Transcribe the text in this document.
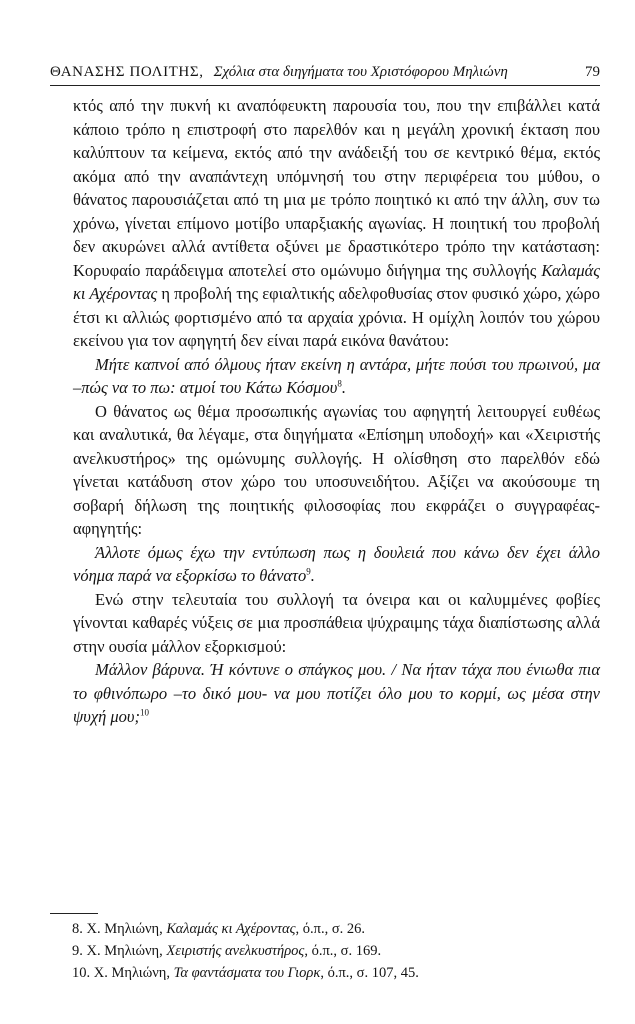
ΘΑΝΑΣΗΣ ΠΟΛΙΤΗΣ, Σχόλια στα διηγήματα του Χριστόφορου Μηλιώνη	79

κτός από την πυκνή κι αναπόφευκτη παρουσία του, που την επιβάλλει κατά κάποιο τρόπο η επιστροφή στο παρελθόν και η μεγάλη χρονική έκταση που καλύπτουν τα κείμενα, εκτός από την ανάδειξή του σε κεντρικό θέμα, εκτός ακόμα από την αναπάντεχη υπόμνησή του στην περιφέρεια του μύθου, ο θάνατος παρουσιάζεται από τη μια με τρόπο ποιητικό κι από την άλλη, συν τω χρόνω, γίνεται επίμονο μοτίβο υπαρξιακής αγωνίας. Η ποιητική του προβολή δεν ακυρώνει αλλά αντίθετα οξύνει με δραστικότερο τρόπο την κατάσταση: Κορυφαίο παράδειγμα αποτελεί στο ομώνυμο διήγημα της συλλογής Καλαμάς κι Αχέροντας η προβολή της εφιαλτικής αδελφοθυσίας στον φυσικό χώρο, χώρο έτσι κι αλλιώς φορτισμένο από τα αρχαία χρόνια. Η ομίχλη λοιπόν του χώρου εκείνου για τον αφηγητή δεν είναι παρά εικόνα θανάτου:

Μήτε καπνοί από όλμους ήταν εκείνη η αντάρα, μήτε πούσι του πρωινού, μα –πώς να το πω: ατμοί του Κάτω Κόσμου$^8$.

Ο θάνατος ως θέμα προσωπικής αγωνίας του αφηγητή λειτουργεί ευθέως και αναλυτικά, θα λέγαμε, στα διηγήματα «Επίσημη υποδοχή» και «Χειριστής ανελκυστήρος» της ομώνυμης συλλογής. Η ολίσθηση στο παρελθόν εδώ γίνεται κατάδυση στον χώρο του υποσυνειδήτου. Αξίζει να ακούσουμε τη σοβαρή δήλωση της ποιητικής φιλοσοφίας που εκφράζει ο συγγραφέας-αφηγητής:

Άλλοτε όμως έχω την εντύπωση πως η δουλειά που κάνω δεν έχει άλλο νόημα παρά να εξορκίσω το θάνατο$^9$.

Ενώ στην τελευταία του συλλογή τα όνειρα και οι καλυμμένες φοβίες γίνονται καθαρές νύξεις σε μια προσπάθεια ψύχραιμης τάχα διαπίστωσης αλλά στην ουσία μάλλον εξορκισμού:

Μάλλον βάρυνα. Ή κόντυνε ο σπάγκος μου. / Να ήταν τάχα που ένιωθα πια το φθινόπωρο –το δικό μου- να μου ποτίζει όλο μου το κορμί, ως μέσα στην ψυχή μου;$^{10}$

8. Χ. Μηλιώνη, Καλαμάς κι Αχέροντας, ό.π., σ. 26.
9. Χ. Μηλιώνη, Χειριστής ανελκυστήρος, ό.π., σ. 169.
10. Χ. Μηλιώνη, Τα φαντάσματα του Γιορκ, ό.π., σ. 107, 45.
